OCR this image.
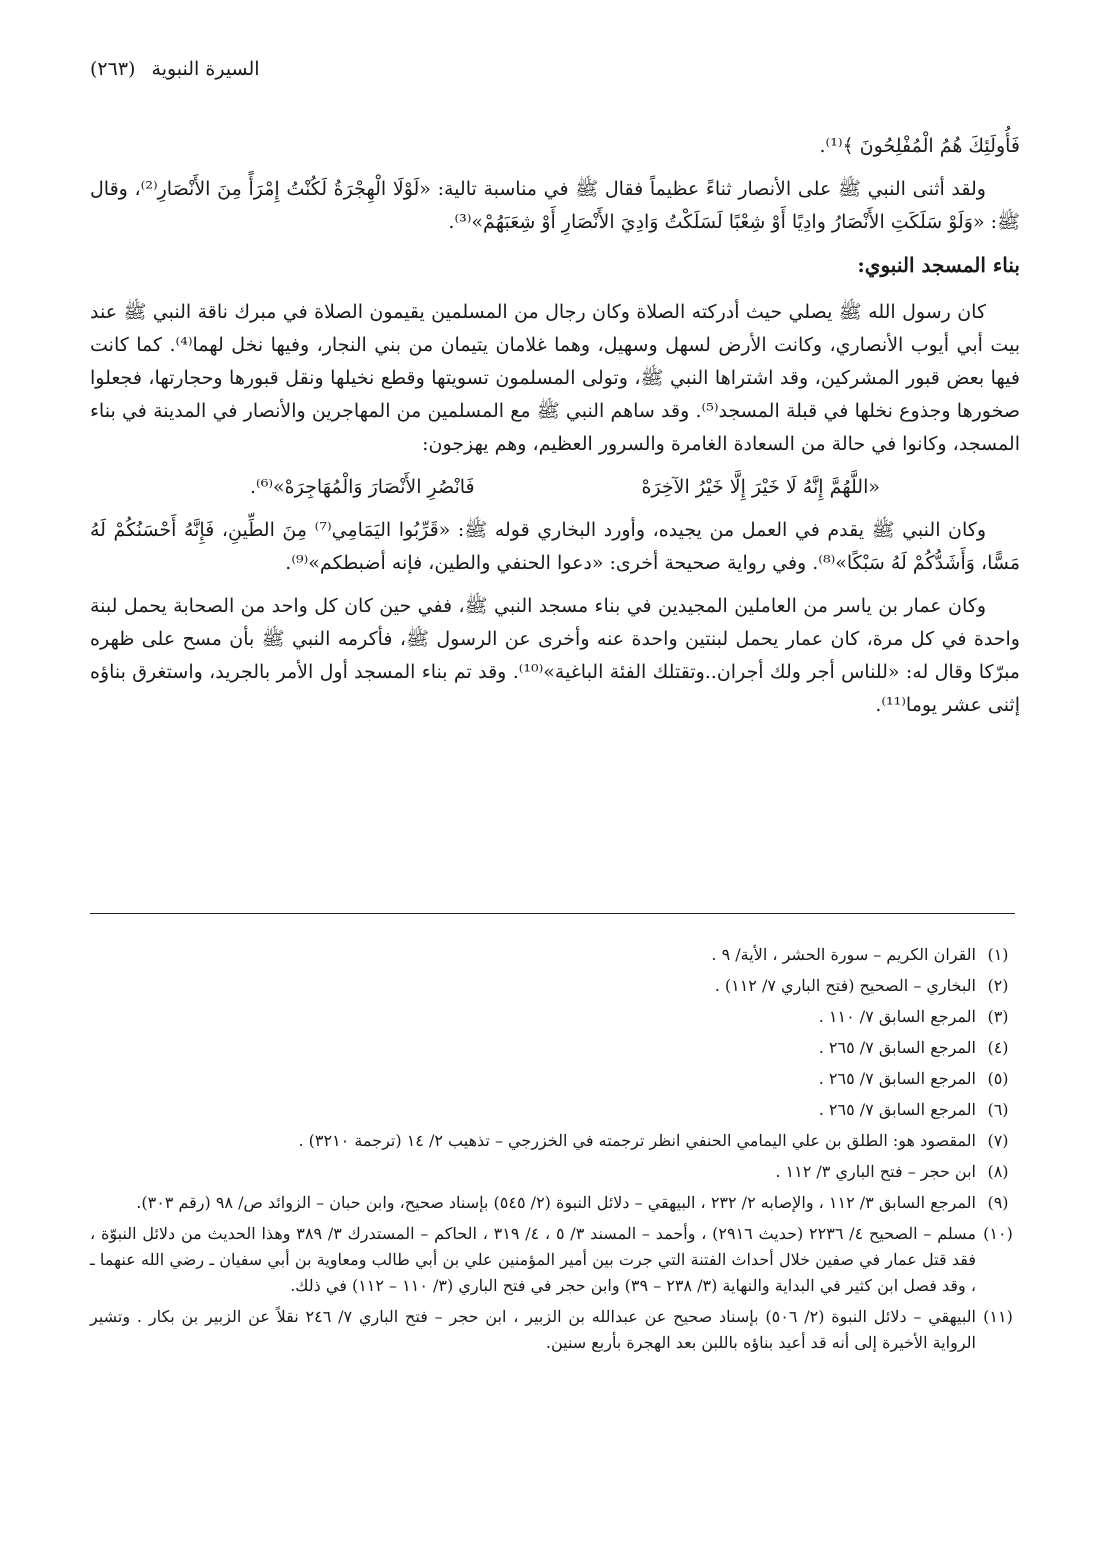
السيرة النبوية (٢٦٣)

فَأُولَئِكَ هُمُ الْمُفْلِحُونَ ﴾⁽¹⁾.

ولقد أثنى النبي ﷺ على الأنصار ثناءً عظيماً فقال ﷺ في مناسبة تالية: «لَوْلَا الْهِجْرَةُ لَكُنْتُ إِمْرَأً مِنَ الأَنْصَارِ⁽²⁾، وقال ﷺ: «وَلَوْ سَلَكَتِ الأَنْصَارُ وادِيًا أَوْ شِعْبًا لَسَلَكْتُ وَادِيَ الأَنْصَارِ أَوْ شِعَبَهُمْ»⁽³⁾.

بناء المسجد النبوي:

كان رسول الله ﷺ يصلي حيث أدركته الصلاة وكان رجال من المسلمين يقيمون الصلاة في مبرك ناقة النبي ﷺ عند بيت أبي أيوب الأنصاري، وكانت الأرض لسهل وسهيل، وهما غلامان يتيمان من بني النجار، وفيها نخل لهما⁽⁴⁾. كما كانت فيها بعض قبور المشركين، وقد اشتراها النبي ﷺ، وتولى المسلمون تسويتها وقطع نخيلها ونقل قبورها وحجارتها، فجعلوا صخورها وجذوع نخلها في قبلة المسجد⁽⁵⁾. وقد ساهم النبي ﷺ مع المسلمين من المهاجرين والأنصار في المدينة في بناء المسجد، وكانوا في حالة من السعادة الغامرة والسرور العظيم، وهم يهزجون:

«اللَّهُمَّ إِنَّهُ لَا خَيْرَ إِلَّا خَيْرُ الآخِرَهْ
فَانْصُرِ الأَنْصَارَ وَالْمُهَاجِرَهْ»⁽⁶⁾.

وكان النبي ﷺ يقدم في العمل من يجيده، وأورد البخاري قوله ﷺ: «قَرِّبُوا اليَمَامِي⁽⁷⁾ مِنَ الطِّينِ، فَإِنَّهُ أَحْسَنُكُمْ لَهُ مَسًّا، وَأَشَدُّكُمْ لَهُ سَبْكًا»⁽⁸⁾. وفي رواية صحيحة أخرى: «دعوا الحنفي والطين، فإنه أضبطكم»⁽⁹⁾.

وكان عمار بن ياسر من العاملين المجيدين في بناء مسجد النبي ﷺ، ففي حين كان كل واحد من الصحابة يحمل لبنة واحدة في كل مرة، كان عمار يحمل لبنتين واحدة عنه وأخرى عن الرسول ﷺ، فأكرمه النبي ﷺ بأن مسح على ظهره مبرّكا وقال له: «للناس أجر ولك أجران..وتقتلك الفئة الباغية»⁽¹⁰⁾. وقد تم بناء المسجد أول الأمر بالجريد، واستغرق بناؤه إثنى عشر يوما⁽¹¹⁾.

(١)
القران الكريم – سورة الحشر ، الأية/ ٩ .
(٢)
البخاري – الصحيح (فتح الباري ٧/ ١١٢) .
(٣)
المرجع السابق ٧/ ١١٠ .
(٤)
المرجع السابق ٧/ ٢٦٥ .
(٥)
المرجع السابق ٧/ ٢٦٥ .
(٦)
المرجع السابق ٧/ ٢٦٥ .
(٧)
المقصود هو: الطلق بن علي اليمامي الحنفي انظر ترجمته في الخزرجي – تذهيب ٢/ ١٤ (ترجمة ٣٢١٠) .
(٨)
ابن حجر – فتح الباري ٣/ ١١٢ .
(٩)
المرجع السابق ٣/ ١١٢ ، والإصابه ٢/ ٢٣٢ ، البيهقي – دلائل النبوة (٢/ ٥٤٥) بإسناد صحيح، وابن حبان – الزوائد ص/ ٩٨ (رقم ٣٠٣).
(١٠)
مسلم – الصحيح ٤/ ٢٢٣٦ (حديث ٢٩١٦) ، وأحمد – المسند ٣/ ٥ ، ٤/ ٣١٩ ، الحاكم – المستدرك ٣/ ٣٨٩ وهذا الحديث من دلائل النبوّة ، فقد قتل عمار في صفين خلال أحداث الفتنة التي جرت بين أمير المؤمنين علي بن أبي طالب ومعاوية بن أبي سفيان ـ رضي الله عنهما ـ ، وقد فصل ابن كثير في البداية والنهاية (٣/ ٢٣٨ – ٣٩) وابن حجر في فتح الباري (٣/ ١١٠ – ١١٢) في ذلك.
(١١)
البيهقي – دلائل النبوة (٢/ ٥٠٦) بإسناد صحيح عن عبدالله بن الزبير ، ابن حجر – فتح الباري ٧/ ٢٤٦ نقلاً عن الزبير بن بكار . وتشير الرواية الأخيرة إلى أنه قد أعيد بناؤه باللبن بعد الهجرة بأربع سنين.
